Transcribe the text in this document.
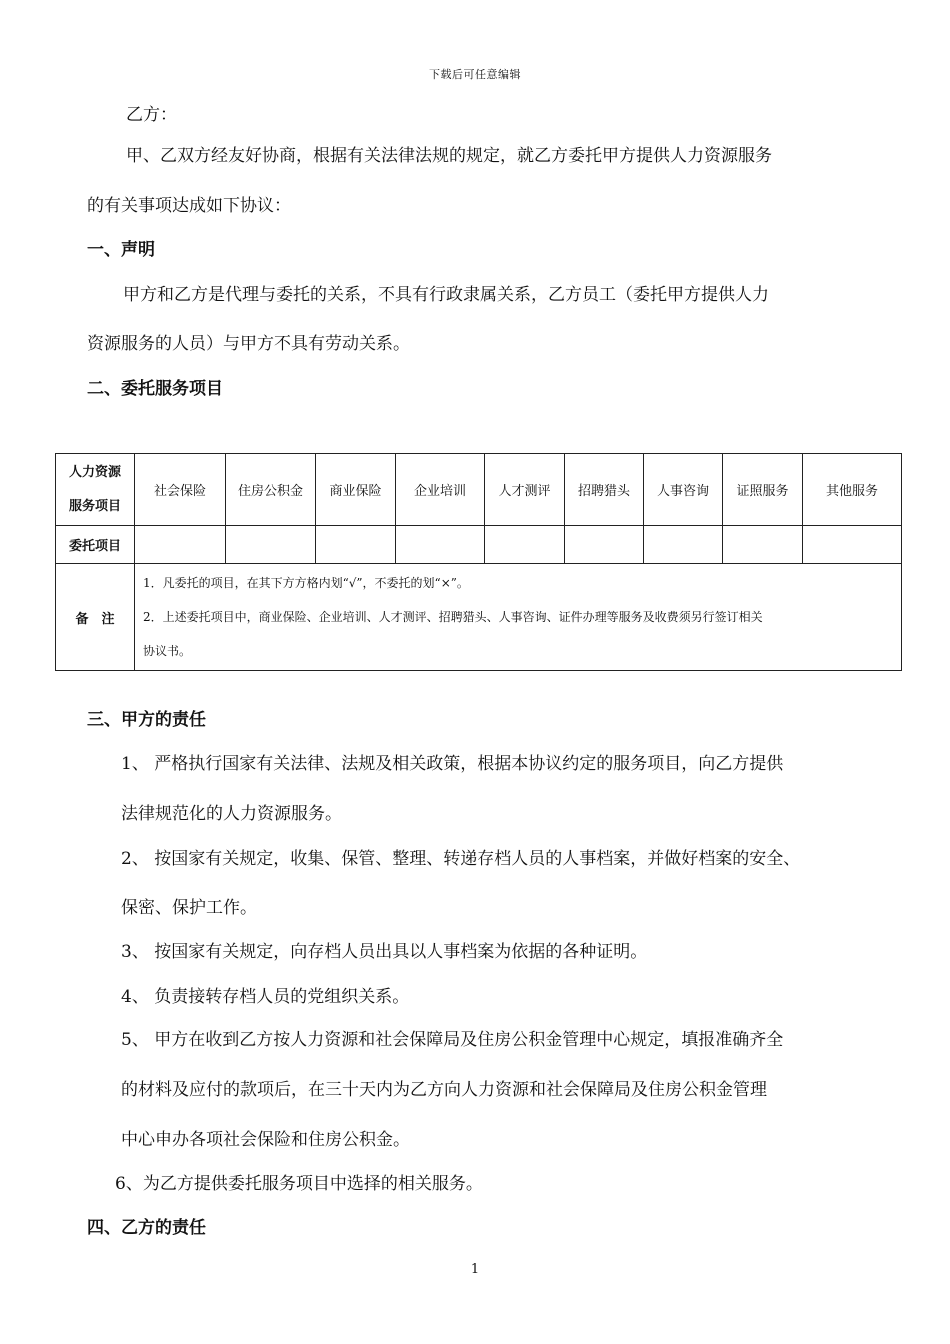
下载后可任意编辑
乙方：
甲、乙双方经友好协商，根据有关法律法规的规定，就乙方委托甲方提供人力资源服务
的有关事项达成如下协议：
一、声明
甲方和乙方是代理与委托的关系，不具有行政隶属关系，乙方员工（委托甲方提供人力
资源服务的人员）与甲方不具有劳动关系。
二、委托服务项目
人力资源
服务项目	社会保险	住房公积金	商业保险	企业培训	人才测评	招聘猎头	人事咨询	证照服务	其他服务
委托项目									
备　注	1．凡委托的项目，在其下方方格内划“√”，不委托的划“×”。
2．上述委托项目中，商业保险、企业培训、人才测评、招聘猎头、人事咨询、证件办理等服务及收费须另行签订相关
协议书。								
三、甲方的责任
1、 严格执行国家有关法律、法规及相关政策，根据本协议约定的服务项目，向乙方提供
法律规范化的人力资源服务。
2、 按国家有关规定，收集、保管、整理、转递存档人员的人事档案，并做好档案的安全、
保密、保护工作。
3、 按国家有关规定，向存档人员出具以人事档案为依据的各种证明。
4、 负责接转存档人员的党组织关系。
5、 甲方在收到乙方按人力资源和社会保障局及住房公积金管理中心规定，填报准确齐全
的材料及应付的款项后，在三十天内为乙方向人力资源和社会保障局及住房公积金管理
中心申办各项社会保险和住房公积金。
6、为乙方提供委托服务项目中选择的相关服务。
四、乙方的责任
1
